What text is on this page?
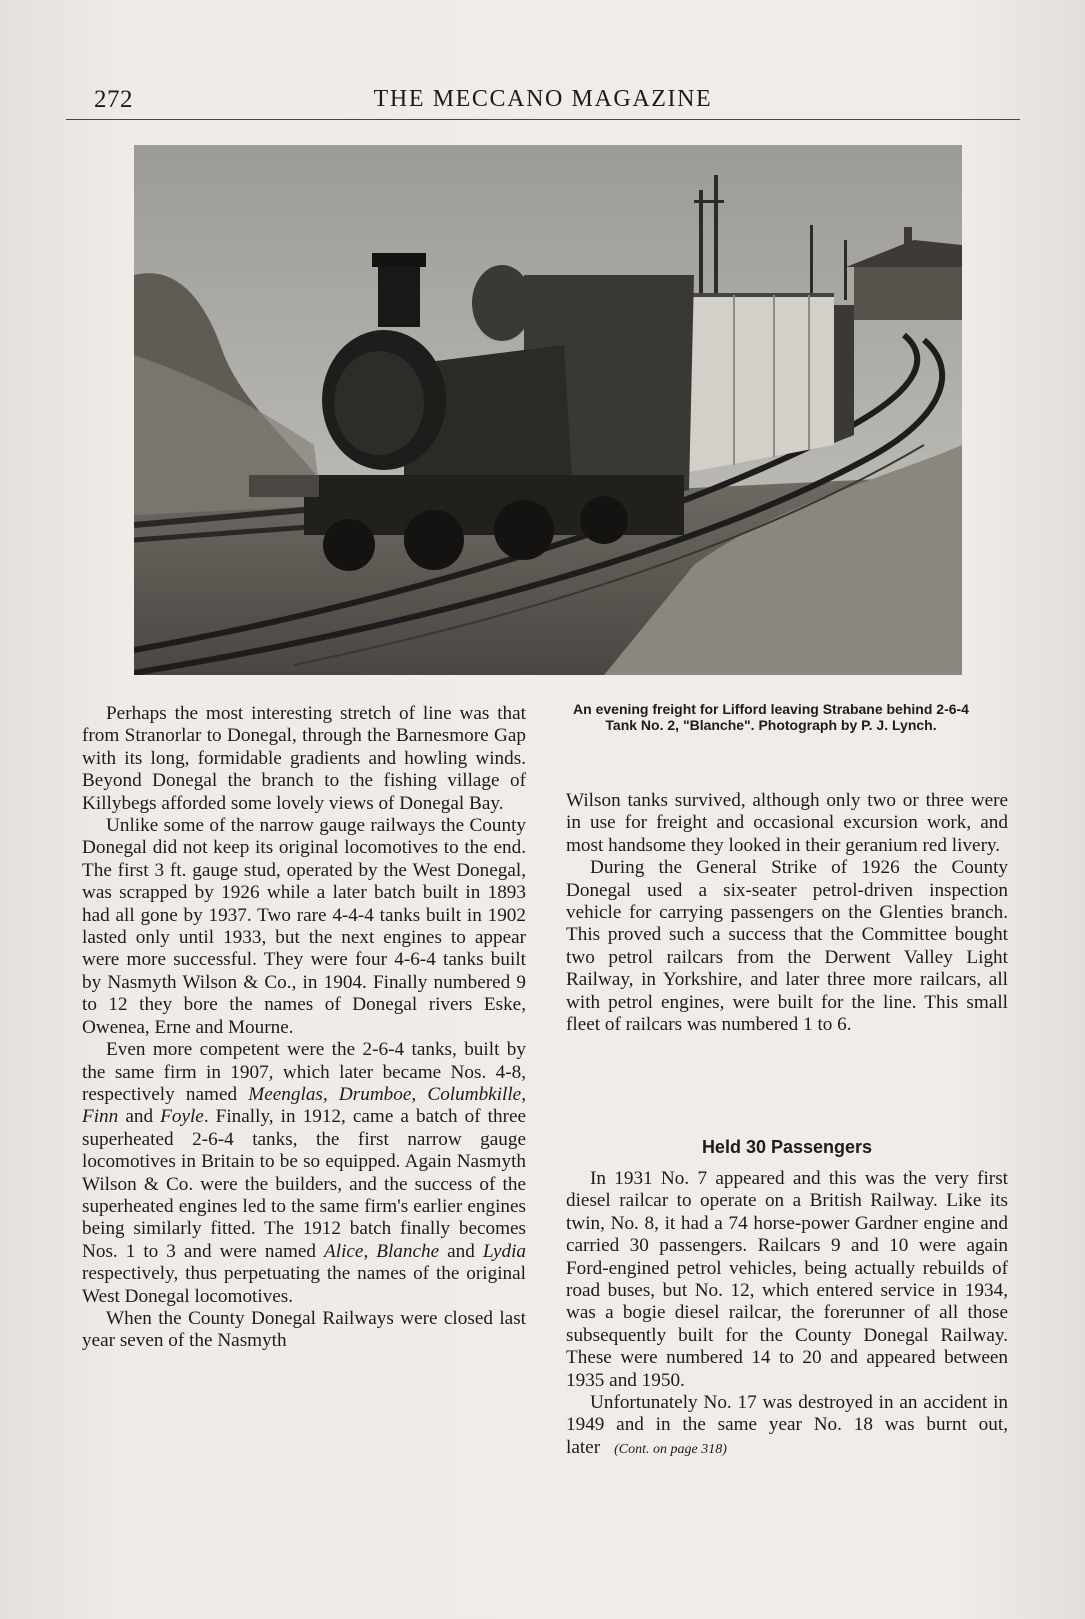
272	THE MECCANO MAGAZINE
An evening freight for Lifford leaving Strabane behind 2-6-4 Tank No. 2, "Blanche". Photograph by P. J. Lynch.

Perhaps the most interesting stretch of line was that from Stranorlar to Donegal, through the Barnesmore Gap with its long, formidable gradients and howling winds. Beyond Donegal the branch to the fishing village of Killybegs afforded some lovely views of Donegal Bay.

Unlike some of the narrow gauge railways the County Donegal did not keep its original locomotives to the end. The first 3 ft. gauge stud, operated by the West Donegal, was scrapped by 1926 while a later batch built in 1893 had all gone by 1937. Two rare 4-4-4 tanks built in 1902 lasted only until 1933, but the next engines to appear were more successful. They were four 4-6-4 tanks built by Nasmyth Wilson & Co., in 1904. Finally numbered 9 to 12 they bore the names of Donegal rivers Eske, Owenea, Erne and Mourne.

Even more competent were the 2-6-4 tanks, built by the same firm in 1907, which later became Nos. 4-8, respectively named Meenglas, Drumboe, Columbkille, Finn and Foyle. Finally, in 1912, came a batch of three superheated 2-6-4 tanks, the first narrow gauge locomotives in Britain to be so equipped. Again Nasmyth Wilson & Co. were the builders, and the success of the superheated engines led to the same firm's earlier engines being similarly fitted. The 1912 batch finally becomes Nos. 1 to 3 and were named Alice, Blanche and Lydia respectively, thus perpetuating the names of the original West Donegal locomotives.

When the County Donegal Railways were closed last year seven of the Nasmyth

Wilson tanks survived, although only two or three were in use for freight and occasional excursion work, and most handsome they looked in their geranium red livery.

During the General Strike of 1926 the County Donegal used a six-seater petrol-driven inspection vehicle for carrying passengers on the Glenties branch. This proved such a success that the Committee bought two petrol railcars from the Derwent Valley Light Railway, in Yorkshire, and later three more railcars, all with petrol engines, were built for the line. This small fleet of railcars was numbered 1 to 6.

Held 30 Passengers

In 1931 No. 7 appeared and this was the very first diesel railcar to operate on a British Railway. Like its twin, No. 8, it had a 74 horse-power Gardner engine and carried 30 passengers. Railcars 9 and 10 were again Ford-engined petrol vehicles, being actually rebuilds of road buses, but No. 12, which entered service in 1934, was a bogie diesel railcar, the forerunner of all those subsequently built for the County Donegal Railway. These were numbered 14 to 20 and appeared between 1935 and 1950.

Unfortunately No. 17 was destroyed in an accident in 1949 and in the same year No. 18 was burnt out, later (Cont. on page 318)
